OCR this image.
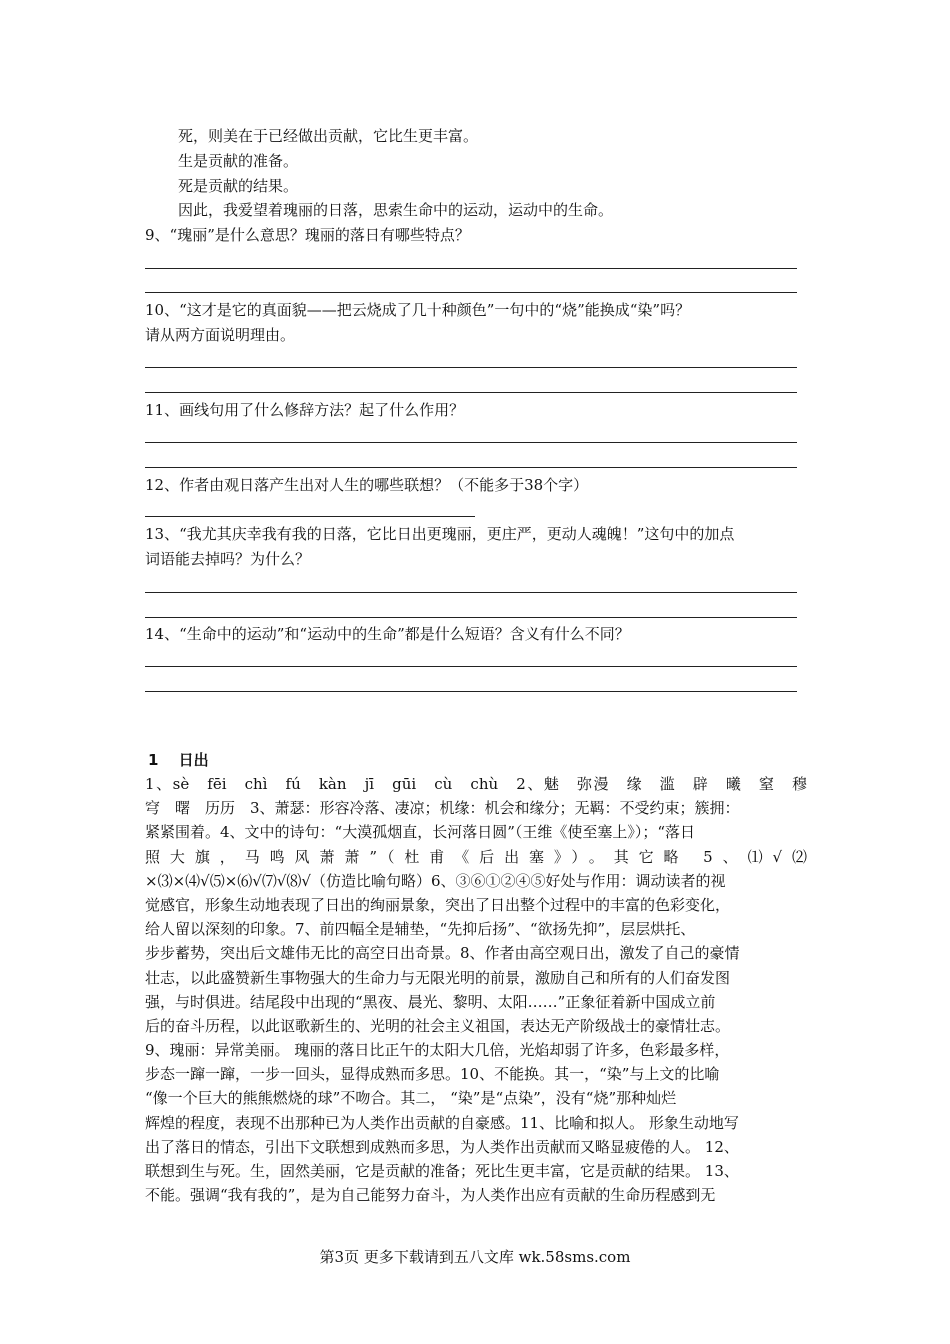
死，则美在于已经做出贡献，它比生更丰富。
生是贡献的准备。
死是贡献的结果。
因此，我爱望着瑰丽的日落，思索生命中的运动，运动中的生命。
9、“瑰丽”是什么意思？瑰丽的落日有哪些特点？
10、“这才是它的真面貌——把云烧成了几十种颜色”一句中的“烧”能换成“染”吗？
请从两方面说明理由。
11、画线句用了什么修辞方法？起了什么作用？
12、作者由观日落产生出对人生的哪些联想？（不能多于38个字）
13、“我尤其庆幸我有我的日落，它比日出更瑰丽，更庄严，更动人魂魄！”这句中的加点
词语能去掉吗？为什么？
14、“生命中的运动”和“运动中的生命”都是什么短语？含义有什么不同？
1　 日出
1、sè　fēi　chì　fú　kàn　jī　gūi　cù　chù　2、魅　弥漫　缘　滥　辟　曦　窒　穆
穹　曙　历历　3、萧瑟：形容冷落、凄凉；机缘：机会和缘分；无羁：不受约束；簇拥：
紧紧围着。4、文中的诗句：“大漠孤烟直，长河落日圆”（王维《使至塞上》）；“落日
照大旗，马鸣风萧萧”（杜甫《后出塞》）。其它略 5、⑴√⑵
×⑶×⑷√⑸×⑹√⑺√⑻√（仿造比喻句略）6、③⑥①②④⑤好处与作用：调动读者的视
觉感官，形象生动地表现了日出的绚丽景象，突出了日出整个过程中的丰富的色彩变化，
给人留以深刻的印象。7、前四幅全是辅垫，“先抑后扬”、“欲扬先抑”，层层烘托、
步步蓄势，突出后文雄伟无比的高空日出奇景。8、作者由高空观日出，激发了自己的豪情
壮志，以此盛赞新生事物强大的生命力与无限光明的前景，激励自己和所有的人们奋发图
强，与时俱进。结尾段中出现的“黑夜、晨光、黎明、太阳……”正象征着新中国成立前
后的奋斗历程，以此讴歌新生的、光明的社会主义祖国，表达无产阶级战士的豪情壮志。
9、瑰丽：异常美丽。 瑰丽的落日比正午的太阳大几倍，光焰却弱了许多，色彩最多样，
步态一蹿一蹿，一步一回头，显得成熟而多思。10、不能换。其一，“染”与上文的比喻
“像一个巨大的熊熊燃烧的球”不吻合。其二， “染”是“点染”，没有“烧”那种灿烂
辉煌的程度，表现不出那种已为人类作出贡献的自豪感。11、比喻和拟人。 形象生动地写
出了落日的情态，引出下文联想到成熟而多思，为人类作出贡献而又略显疲倦的人。 12、
联想到生与死。生，固然美丽，它是贡献的准备；死比生更丰富，它是贡献的结果。 13、
不能。强调“我有我的”，是为自己能努力奋斗，为人类作出应有贡献的生命历程感到无
第3页 更多下载请到五八文库 wk.58sms.com
